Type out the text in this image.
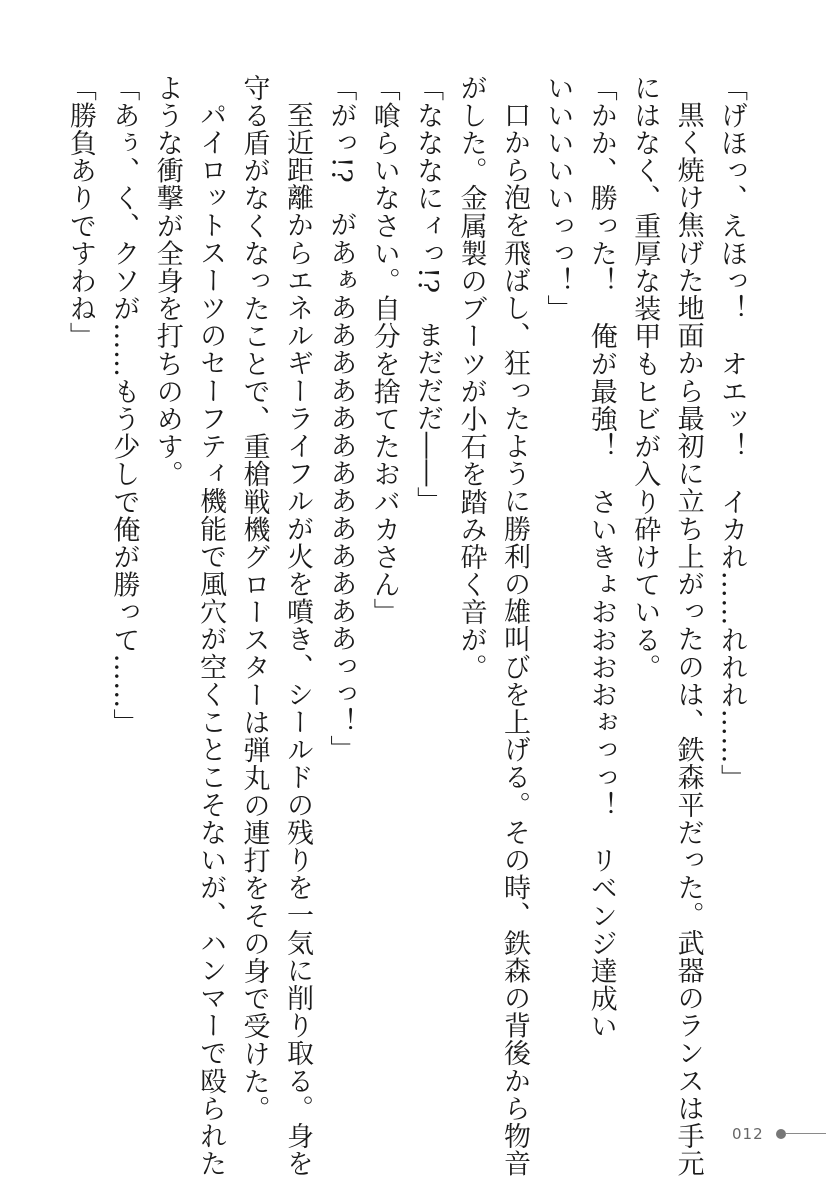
「げほっ、えほっ！　オエッ！　イカれ……れれれ……」

黒く焼け焦げた地面から最初に立ち上がったのは、鉄森平だった。武器のランスは手元

にはなく、重厚な装甲もヒビが入り砕けている。

「かか、勝った！　俺が最強！　さいきょおおおおぉっっ！　リベンジ達成い

いいいいいっっ！」

口から泡を飛ばし、狂ったように勝利の雄叫びを上げる。その時、鉄森の背後から物音

がした。金属製のブーツが小石を踏み砕く音が。

「なななにィっ!?　まだだだ――」

「喰らいなさい。自分を捨てたおバカさん」

「がっ!?　があぁあああああああああああああっっ！」

至近距離からエネルギーライフルが火を噴き、シールドの残りを一気に削り取る。身を

守る盾がなくなったことで、重槍戦機グロースターは弾丸の連打をその身で受けた。

パイロットスーツのセーフティ機能で風穴が空くことこそないが、ハンマーで殴られた

ような衝撃が全身を打ちのめす。

「あぅ、く、クソが……もう少しで俺が勝って……」

「勝負ありですわね」

012
